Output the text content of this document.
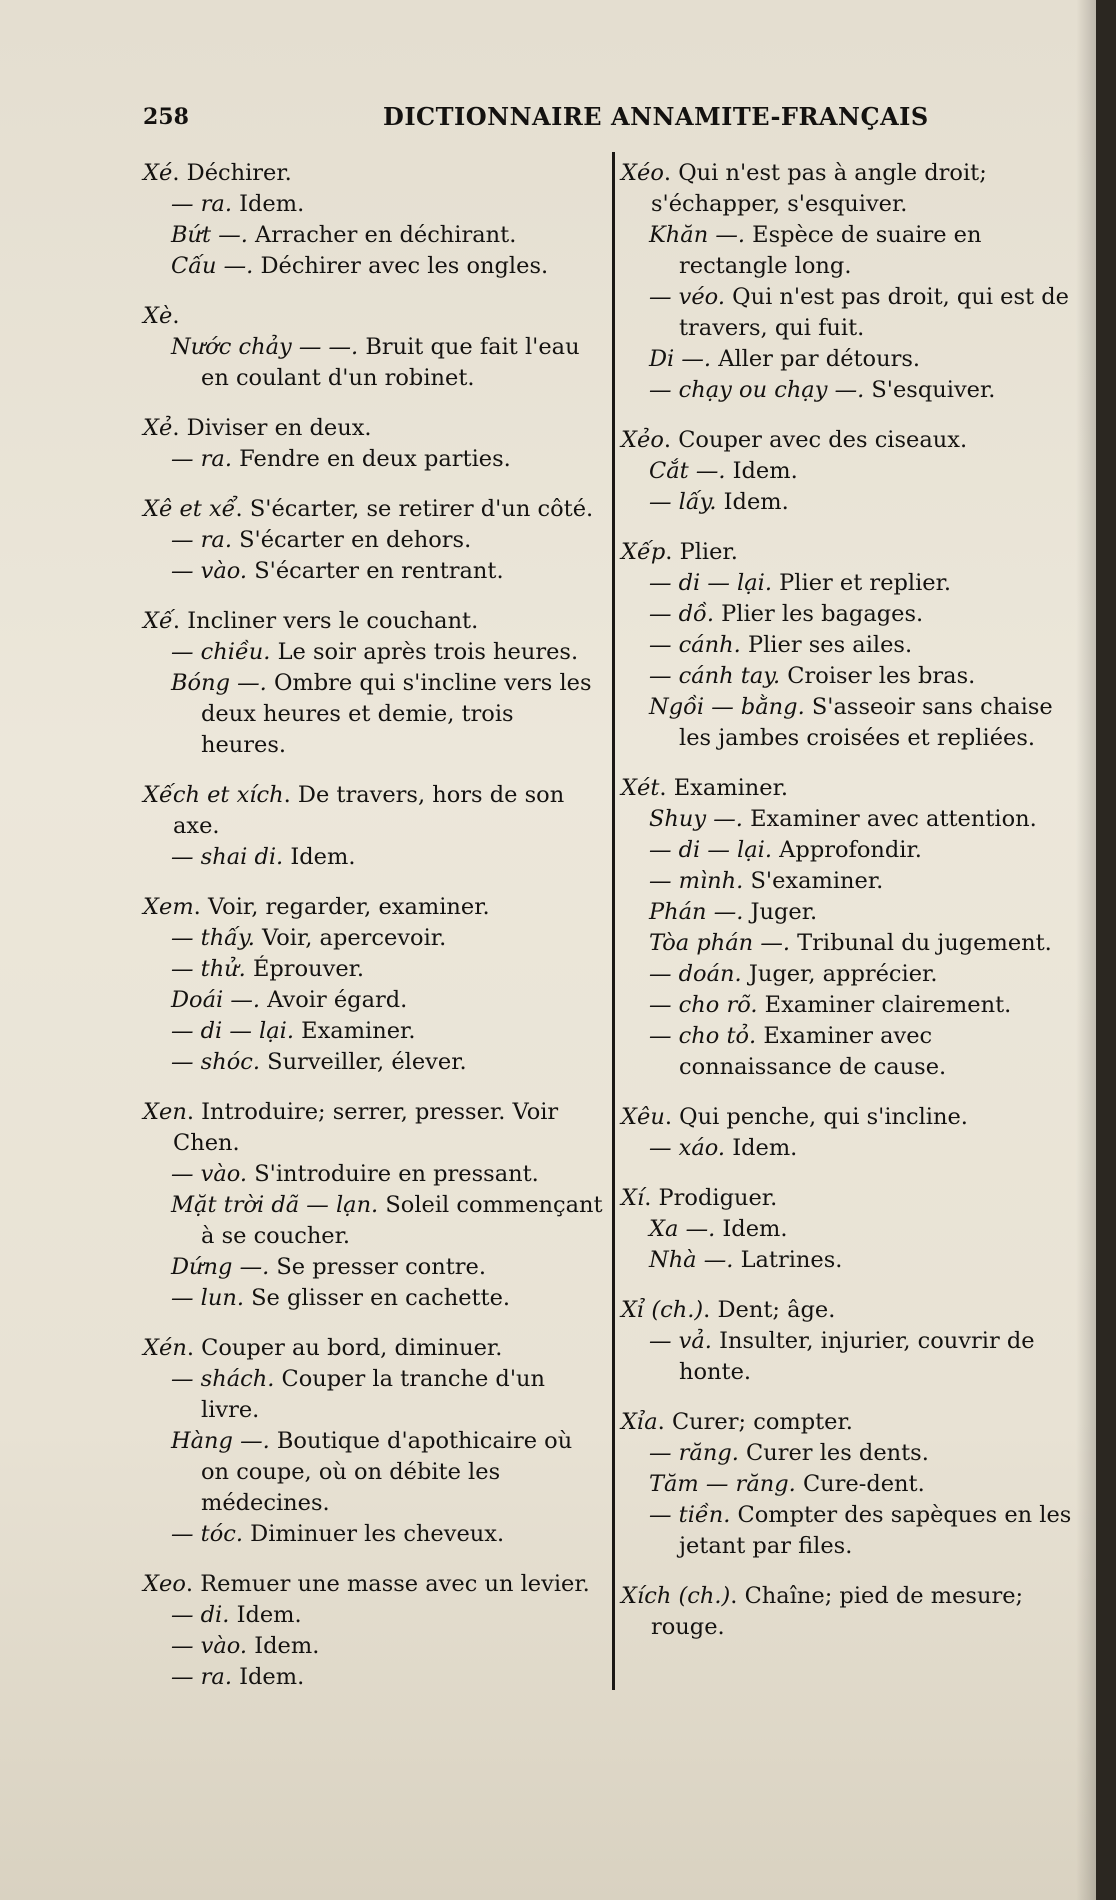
258	DICTIONNAIRE ANNAMITE-FRANÇAIS
Xé. Déchirer.
— ra. Idem.
Bứt —. Arracher en déchirant.
Cấu —. Déchirer avec les ongles.
Xè.
Nước chảy — —. Bruit que fait l'eau en coulant d'un robinet.
Xẻ. Diviser en deux.
— ra. Fendre en deux parties.
Xê et xể. S'écarter, se retirer d'un côté.
— ra. S'écarter en dehors.
— vào. S'écarter en rentrant.
Xế. Incliner vers le couchant.
— chiều. Le soir après trois heures.
Bóng —. Ombre qui s'incline vers les deux heures et demie, trois heures.
Xếch et xích. De travers, hors de son axe.
— shai di. Idem.
Xem. Voir, regarder, examiner.
— thấy. Voir, apercevoir.
— thử. Éprouver.
Doái —. Avoir égard.
— di — lại. Examiner.
— shóc. Surveiller, élever.
Xen. Introduire; serrer, presser. Voir Chen.
— vào. S'introduire en pressant.
Mặt trời dã — lạn. Soleil commençant à se coucher.
Dứng —. Se presser contre.
— lun. Se glisser en cachette.
Xén. Couper au bord, diminuer.
— shách. Couper la tranche d'un livre.
Hàng —. Boutique d'apothicaire où on coupe, où on débite les médecines.
— tóc. Diminuer les cheveux.
Xeo. Remuer une masse avec un levier.
— di. Idem.
— vào. Idem.
— ra. Idem.
Xéo. Qui n'est pas à angle droit; s'échapper, s'esquiver.
Khăn —. Espèce de suaire en rectangle long.
— véo. Qui n'est pas droit, qui est de travers, qui fuit.
Di —. Aller par détours.
— chạy ou chạy —. S'esquiver.
Xẻo. Couper avec des ciseaux.
Cắt —. Idem.
— lấy. Idem.
Xếp. Plier.
— di — lại. Plier et replier.
— dồ. Plier les bagages.
— cánh. Plier ses ailes.
— cánh tay. Croiser les bras.
Ngồi — bằng. S'asseoir sans chaise les jambes croisées et repliées.
Xét. Examiner.
Shuy —. Examiner avec attention.
— di — lại. Approfondir.
— mình. S'examiner.
Phán —. Juger.
Tòa phán —. Tribunal du jugement.
— doán. Juger, apprécier.
— cho rõ. Examiner clairement.
— cho tỏ. Examiner avec connaissance de cause.
Xêu. Qui penche, qui s'incline.
— xáo. Idem.
Xí. Prodiguer.
Xa —. Idem.
Nhà —. Latrines.
Xỉ (ch.). Dent; âge.
— vả. Insulter, injurier, couvrir de honte.
Xỉa. Curer; compter.
— răng. Curer les dents.
Tăm — răng. Cure-dent.
— tiền. Compter des sapèques en les jetant par files.
Xích (ch.). Chaîne; pied de mesure; rouge.
